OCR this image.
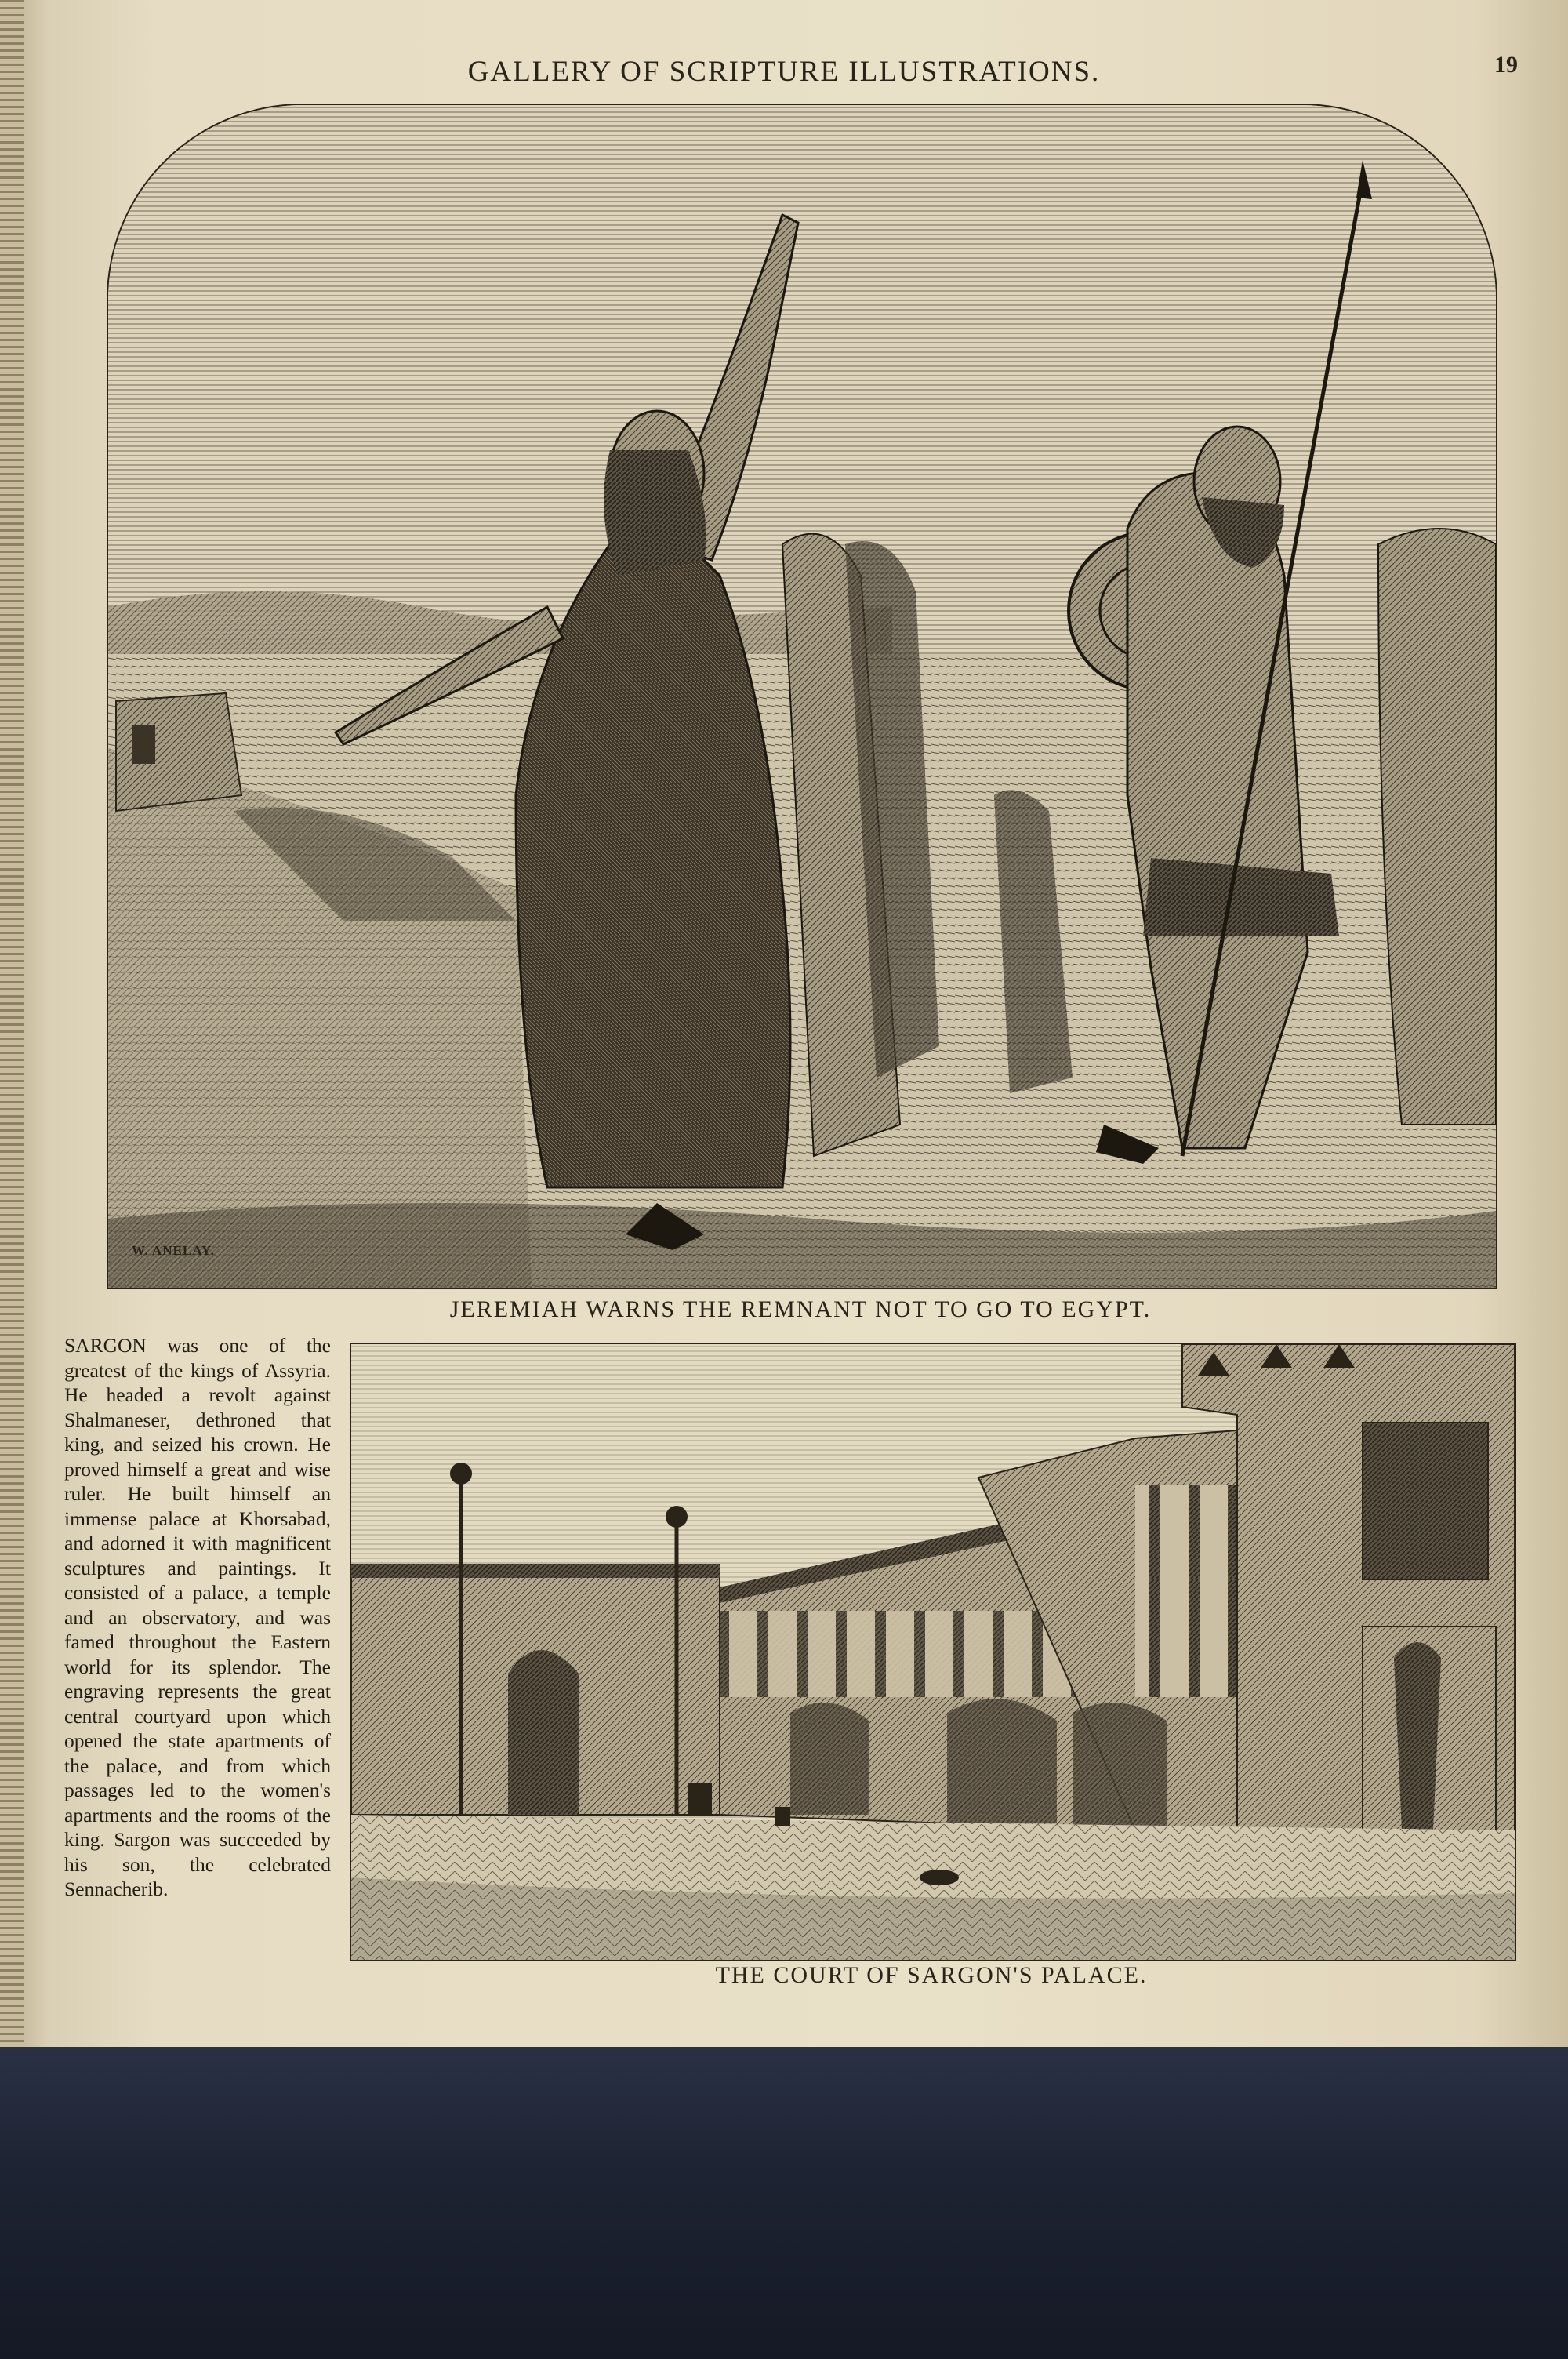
GALLERY OF SCRIPTURE ILLUSTRATIONS.	19
W. ANELAY.
JEREMIAH WARNS THE REMNANT NOT TO GO TO EGYPT.

SARGON was one of the greatest of the kings of Assyria. He headed a revolt against Shalmaneser, dethroned that king, and seized his crown. He proved himself a great and wise ruler. He built himself an immense palace at Khorsabad, and adorned it with magnificent sculptures and paintings. It consisted of a palace, a temple and an observatory, and was famed throughout the Eastern world for its splendor. The engraving represents the great central courtyard upon which opened the state apartments of the palace, and from which passages led to the women's apartments and the rooms of the king. Sargon was succeeded by his son, the celebrated Sennacherib.

THE COURT OF SARGON'S PALACE.
